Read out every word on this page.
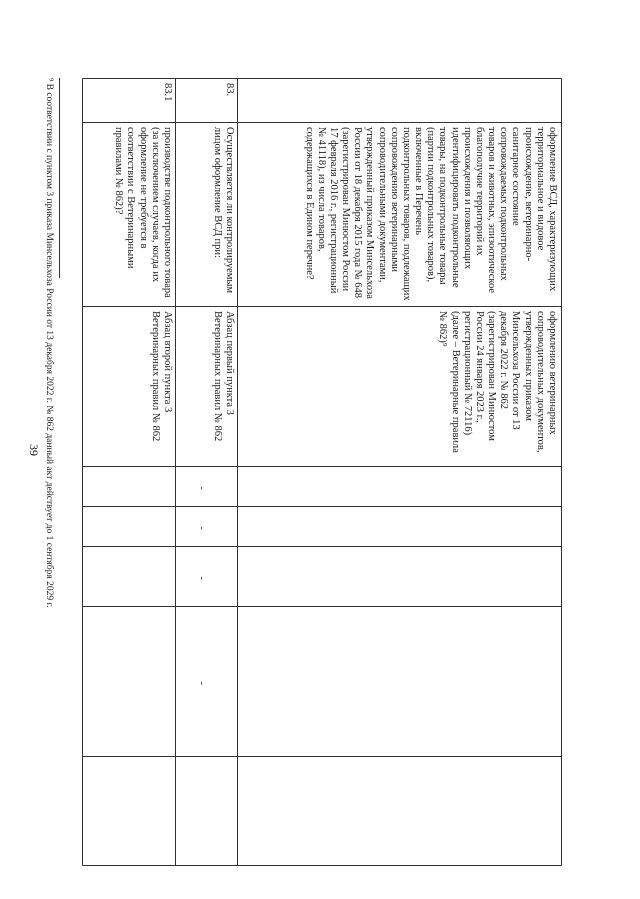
39
оформление ВСД, характеризующих территориальное и видовое происхождение, ветеринарно-санитарное состояние сопровождаемых подконтрольных товаров и животных, эпизоотическое благополучие территорий их происхождения и позволяющих идентифицировать подконтрольные товары, на подконтрольные товары (партии подконтрольных товаров), включенные в Перечень подконтрольных товаров, подлежащих сопровождению ветеринарными сопроводительными документами, утвержденный приказом Минсельхоза России от 18 декабря 2015 года № 648 (зарегистрирован Минюстом России 17 февраля 2016 г., регистрационный № 41118), из числа товаров, содержащихся в Едином перечне?
оформлению ветеринарных сопроводительных документов, утвержденных приказом Минсельхоза России от 13 декабря 2022 г. № 862 (зарегистрирован Минюстом России 24 января 2023 г., регистрационный № 72116) (далее – Ветеринарные правила № 862)⁹
83.
Осуществляется ли контролируемым лицом оформление ВСД при:
Абзац первый пункта 3 Ветеринарных правил № 862
-
-
-
-
83.1
производстве подконтрольного товара (за исключением случаев, когда их оформление не требуется в соответствии с Ветеринарными правилами № 862)?
Абзац второй пункта 3 Ветеринарных правил № 862
⁹ В соответствии с пунктом 3 приказа Минсельхоза России от 13 декабря 2022 г. № 862 данный акт действует до 1 сентября 2029 г.
